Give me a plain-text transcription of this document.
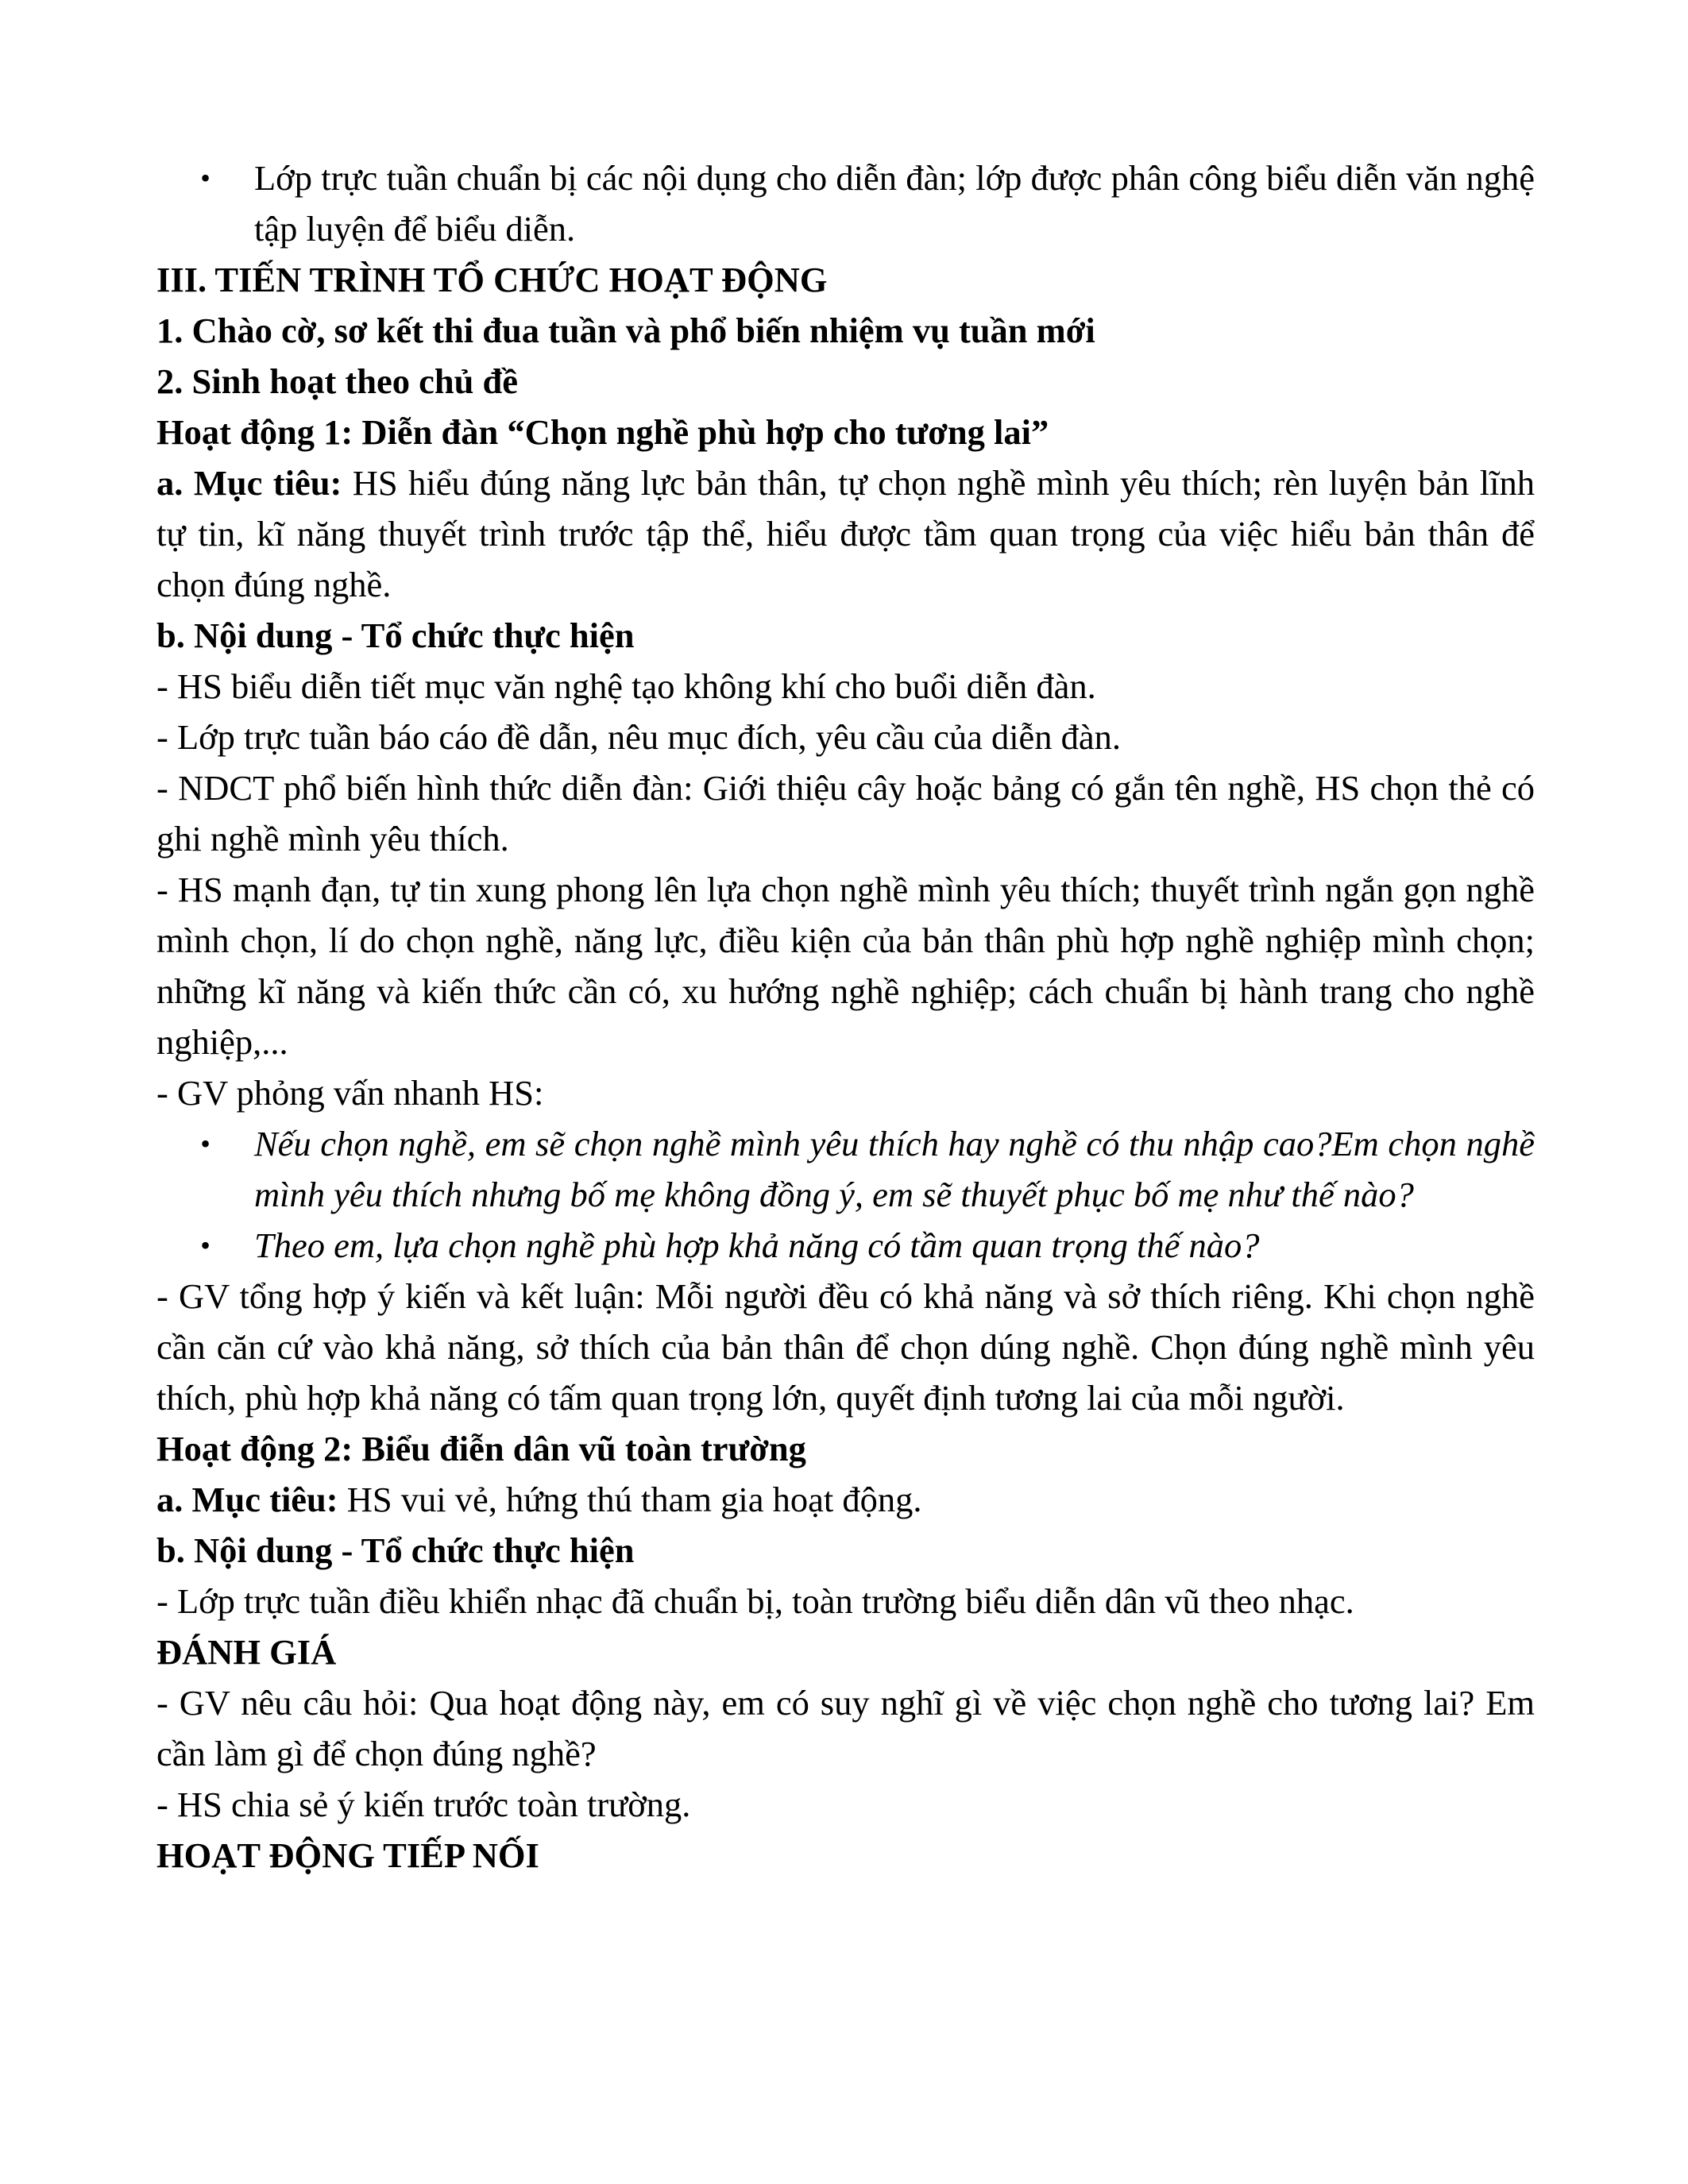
•	Lớp trực tuần chuẩn bị các nội dụng cho diễn đàn; lớp được phân công biểu diễn văn nghệ tập luyện để biểu diễn.

III. TIẾN TRÌNH TỔ CHỨC HOẠT ĐỘNG

1. Chào cờ, sơ kết thi đua tuần và phổ biến nhiệm vụ tuần mới

2. Sinh hoạt theo chủ đề

Hoạt động 1: Diễn đàn “Chọn nghề phù hợp cho tương lai”

a. Mục tiêu: HS hiểu đúng năng lực bản thân, tự chọn nghề mình yêu thích; rèn luyện bản lĩnh tự tin, kĩ năng thuyết trình trước tập thể, hiểu được tầm quan trọng của việc hiểu bản thân để chọn đúng nghề.

b. Nội dung - Tổ chức thực hiện

- HS biểu diễn tiết mục văn nghệ tạo không khí cho buổi diễn đàn.

- Lớp trực tuần báo cáo đề dẫn, nêu mục đích, yêu cầu của diễn đàn.

- NDCT phổ biến hình thức diễn đàn: Giới thiệu cây hoặc bảng có gắn tên nghề, HS chọn thẻ có ghi nghề mình yêu thích.

- HS mạnh đạn, tự tin xung phong lên lựa chọn nghề mình yêu thích; thuyết trình ngắn gọn nghề mình chọn, lí do chọn nghề, năng lực, điều kiện của bản thân phù hợp nghề nghiệp mình chọn; những kĩ năng và kiến thức cần có, xu hướng nghề nghiệp; cách chuẩn bị hành trang cho nghề nghiệp,...

- GV phỏng vấn nhanh HS:

•	Nếu chọn nghề, em sẽ chọn nghề mình yêu thích hay nghề có thu nhập cao?Em chọn nghề mình yêu thích nhưng bố mẹ không đồng ý, em sẽ thuyết phục bố mẹ như thế nào?
•	Theo em, lựa chọn nghề phù hợp khả năng có tầm quan trọng thế nào?

- GV tổng hợp ý kiến và kết luận: Mỗi người đều có khả năng và sở thích riêng. Khi chọn nghề cần căn cứ vào khả năng, sở thích của bản thân để chọn dúng nghề. Chọn đúng nghề mình yêu thích, phù hợp khả năng có tấm quan trọng lớn, quyết định tương lai của mỗi người.

Hoạt động 2: Biểu điễn dân vũ toàn trường

a. Mục tiêu: HS vui vẻ, hứng thú tham gia hoạt động.

b. Nội dung - Tổ chức thực hiện

- Lớp trực tuần điều khiển nhạc đã chuẩn bị, toàn trường biểu diễn dân vũ theo nhạc.

ĐÁNH GIÁ

- GV nêu câu hỏi: Qua hoạt động này, em có suy nghĩ gì về việc chọn nghề cho tương lai? Em cần làm gì để chọn đúng nghề?

- HS chia sẻ ý kiến trước toàn trường.

HOẠT ĐỘNG TIẾP NỐI
